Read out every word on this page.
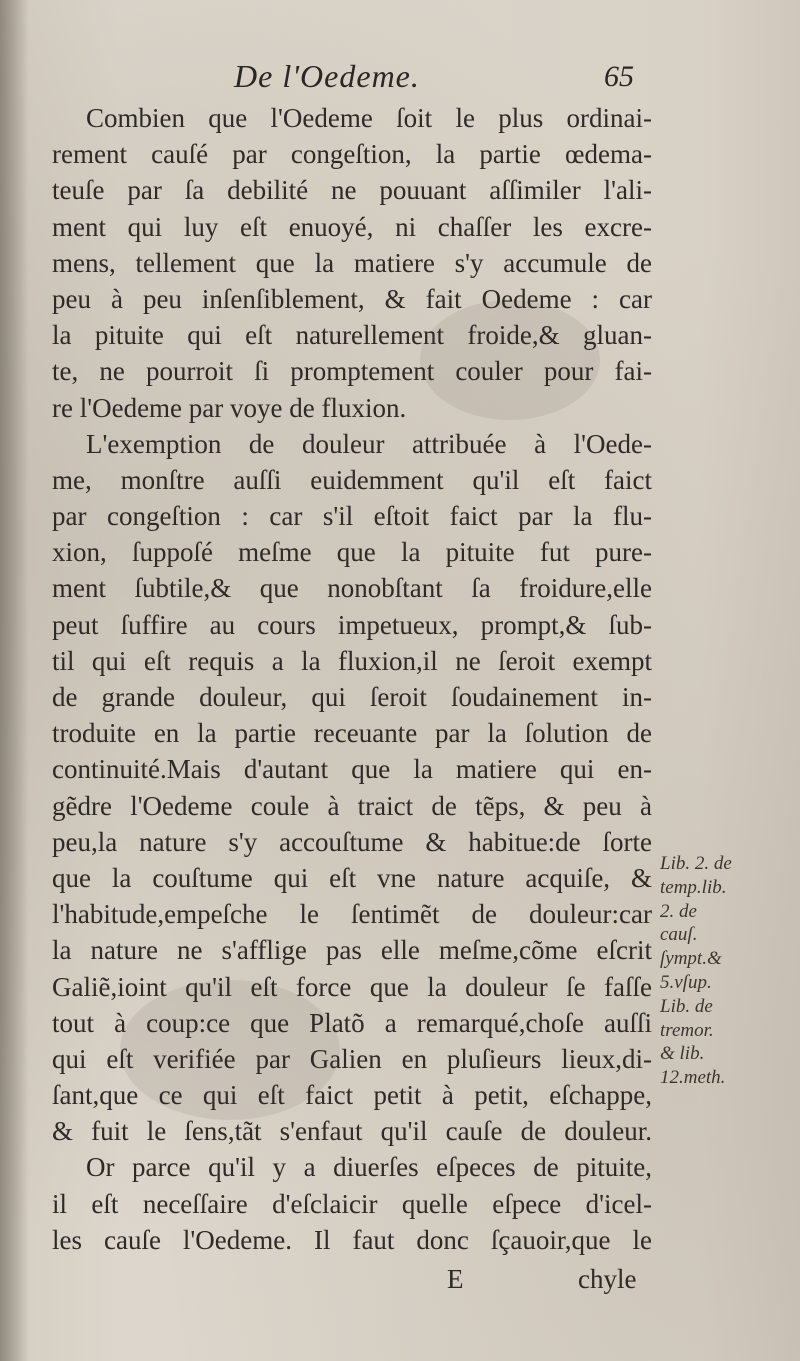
De l'Oedeme.	65
Combien que l'Oedeme ſoit le plus ordinai-
rement cauſé par congeſtion, la partie œdema-
teuſe par ſa debilité ne pouuant aſſimiler l'ali-
ment qui luy eſt enuoyé, ni chaſſer les excre-
mens, tellement que la matiere s'y accumule de
peu à peu inſenſiblement, & fait Oedeme : car
la pituite qui eſt naturellement froide,& gluan-
te, ne pourroit ſi promptement couler pour fai-
re l'Oedeme par voye de fluxion.
L'exemption de douleur attribuée à l'Oede-
me, monſtre auſſi euidemment qu'il eſt faict
par congeſtion : car s'il eſtoit faict par la flu-
xion, ſuppoſé meſme que la pituite fut pure-
ment ſubtile,& que nonobſtant ſa froidure,elle
peut ſuffire au cours impetueux, prompt,& ſub-
til qui eſt requis a la fluxion,il ne ſeroit exempt
de grande douleur, qui ſeroit ſoudainement in-
troduite en la partie receuante par la ſolution de
continuité.Mais d'autant que la matiere qui en-
gẽdre l'Oedeme coule à traict de tẽps, & peu à
peu,la nature s'y accouſtume & habitue:de ſorte
que la couſtume qui eſt vne nature acquiſe, &
l'habitude,empeſche le ſentimẽt de douleur:car
la nature ne s'afflige pas elle meſme,cõme eſcrit
Galiẽ,ioint qu'il eſt force que la douleur ſe faſſe
tout à coup:ce que Platõ a remarqué,choſe auſſi
qui eſt verifiée par Galien en pluſieurs lieux,di-
ſant,que ce qui eſt faict petit à petit, eſchappe,
& fuit le ſens,tãt s'enfaut qu'il cauſe de douleur.
Or parce qu'il y a diuerſes eſpeces de pituite,
il eſt neceſſaire d'eſclaicir quelle eſpece d'icel-
les cauſe l'Oedeme. Il faut donc ſçauoir,que le
Lib. 2. de
temp.lib.
2. de
cauſ.
ſympt.&
5.vſup.
Lib. de
tremor.
& lib.
12.meth.
E	chyle
